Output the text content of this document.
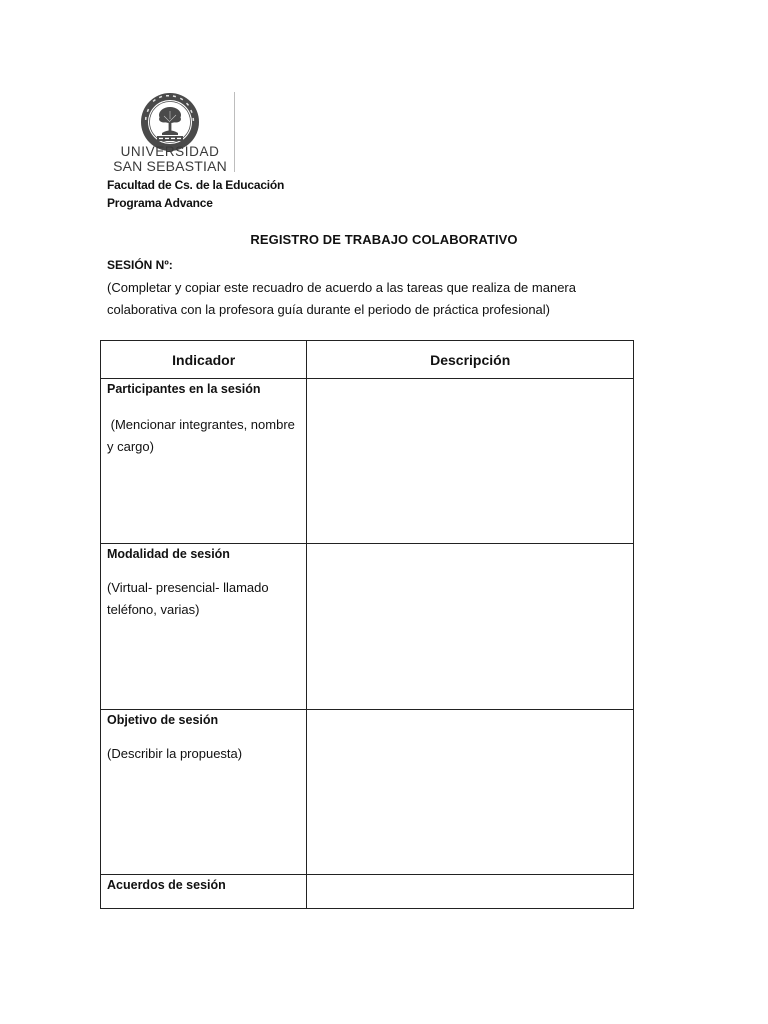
UNIVERSIDAD
SAN SEBASTIAN
Facultad de Cs. de la Educación
Programa Advance
REGISTRO DE TRABAJO COLABORATIVO
SESIÓN Nº:
(Completar y copiar este recuadro de acuerdo a las tareas que realiza de manera colaborativa con la profesora guía durante el periodo de práctica profesional)
Indicador	Descripción

Participantes en la sesión
(Mencionar integrantes, nombre y cargo)	

Modalidad de sesión
(Virtual- presencial- llamado teléfono, varias)	

Objetivo de sesión
(Describir la propuesta)	

Acuerdos de sesión	
